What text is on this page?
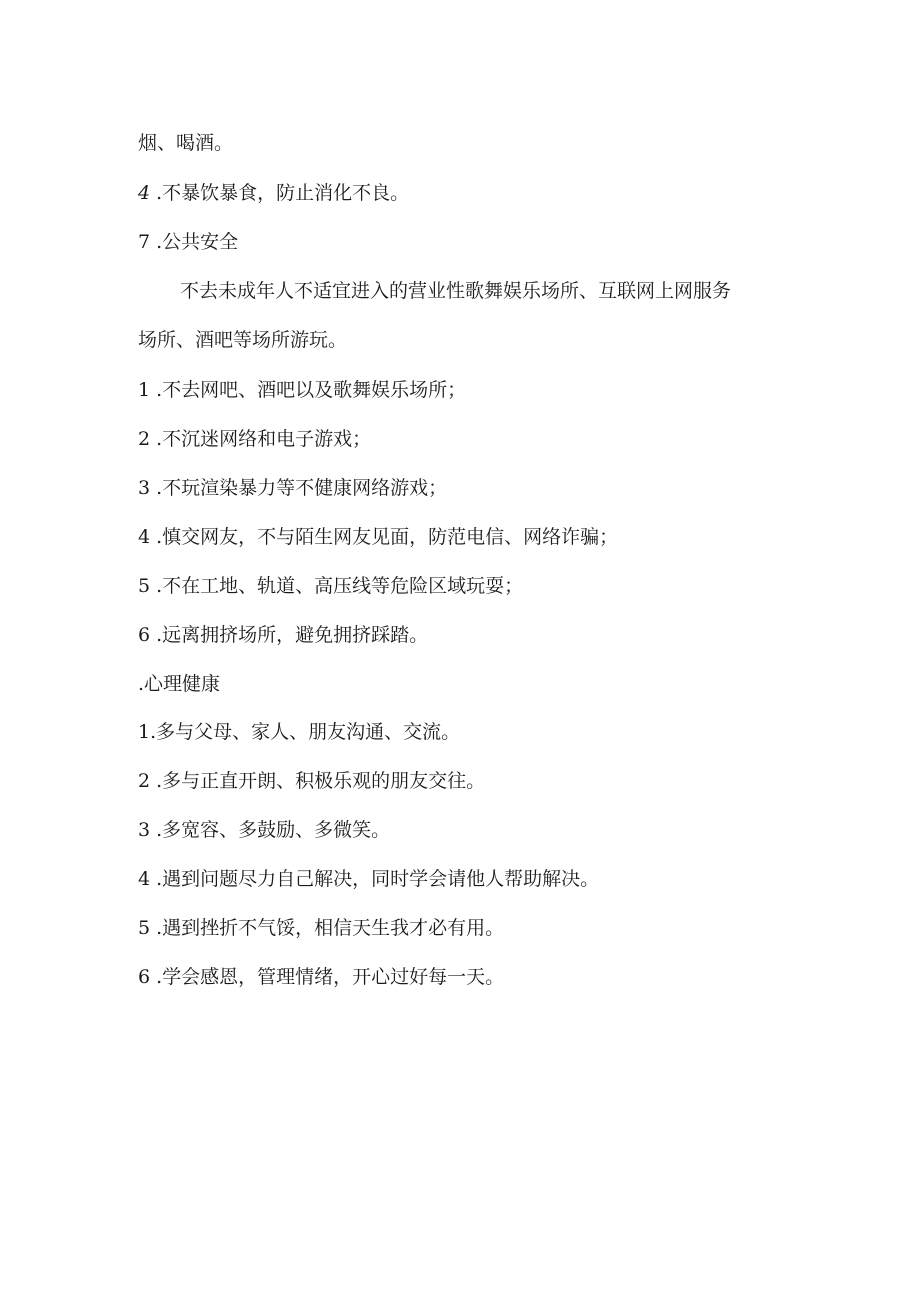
烟、喝酒。
4 .不暴饮暴食，防止消化不良。
7 .公共安全
不去未成年人不适宜进入的营业性歌舞娱乐场所、互联网上网服务
场所、酒吧等场所游玩。
1 .不去网吧、酒吧以及歌舞娱乐场所；
2 .不沉迷网络和电子游戏；
3 .不玩渲染暴力等不健康网络游戏；
4 .慎交网友，不与陌生网友见面，防范电信、网络诈骗；
5 .不在工地、轨道、高压线等危险区域玩耍；
6 .远离拥挤场所，避免拥挤踩踏。
.心理健康
1.多与父母、家人、朋友沟通、交流。
2 .多与正直开朗、积极乐观的朋友交往。
3 .多宽容、多鼓励、多微笑。
4 .遇到问题尽力自己解决，同时学会请他人帮助解决。
5 .遇到挫折不气馁，相信天生我才必有用。
6 .学会感恩，管理情绪，开心过好每一天。
